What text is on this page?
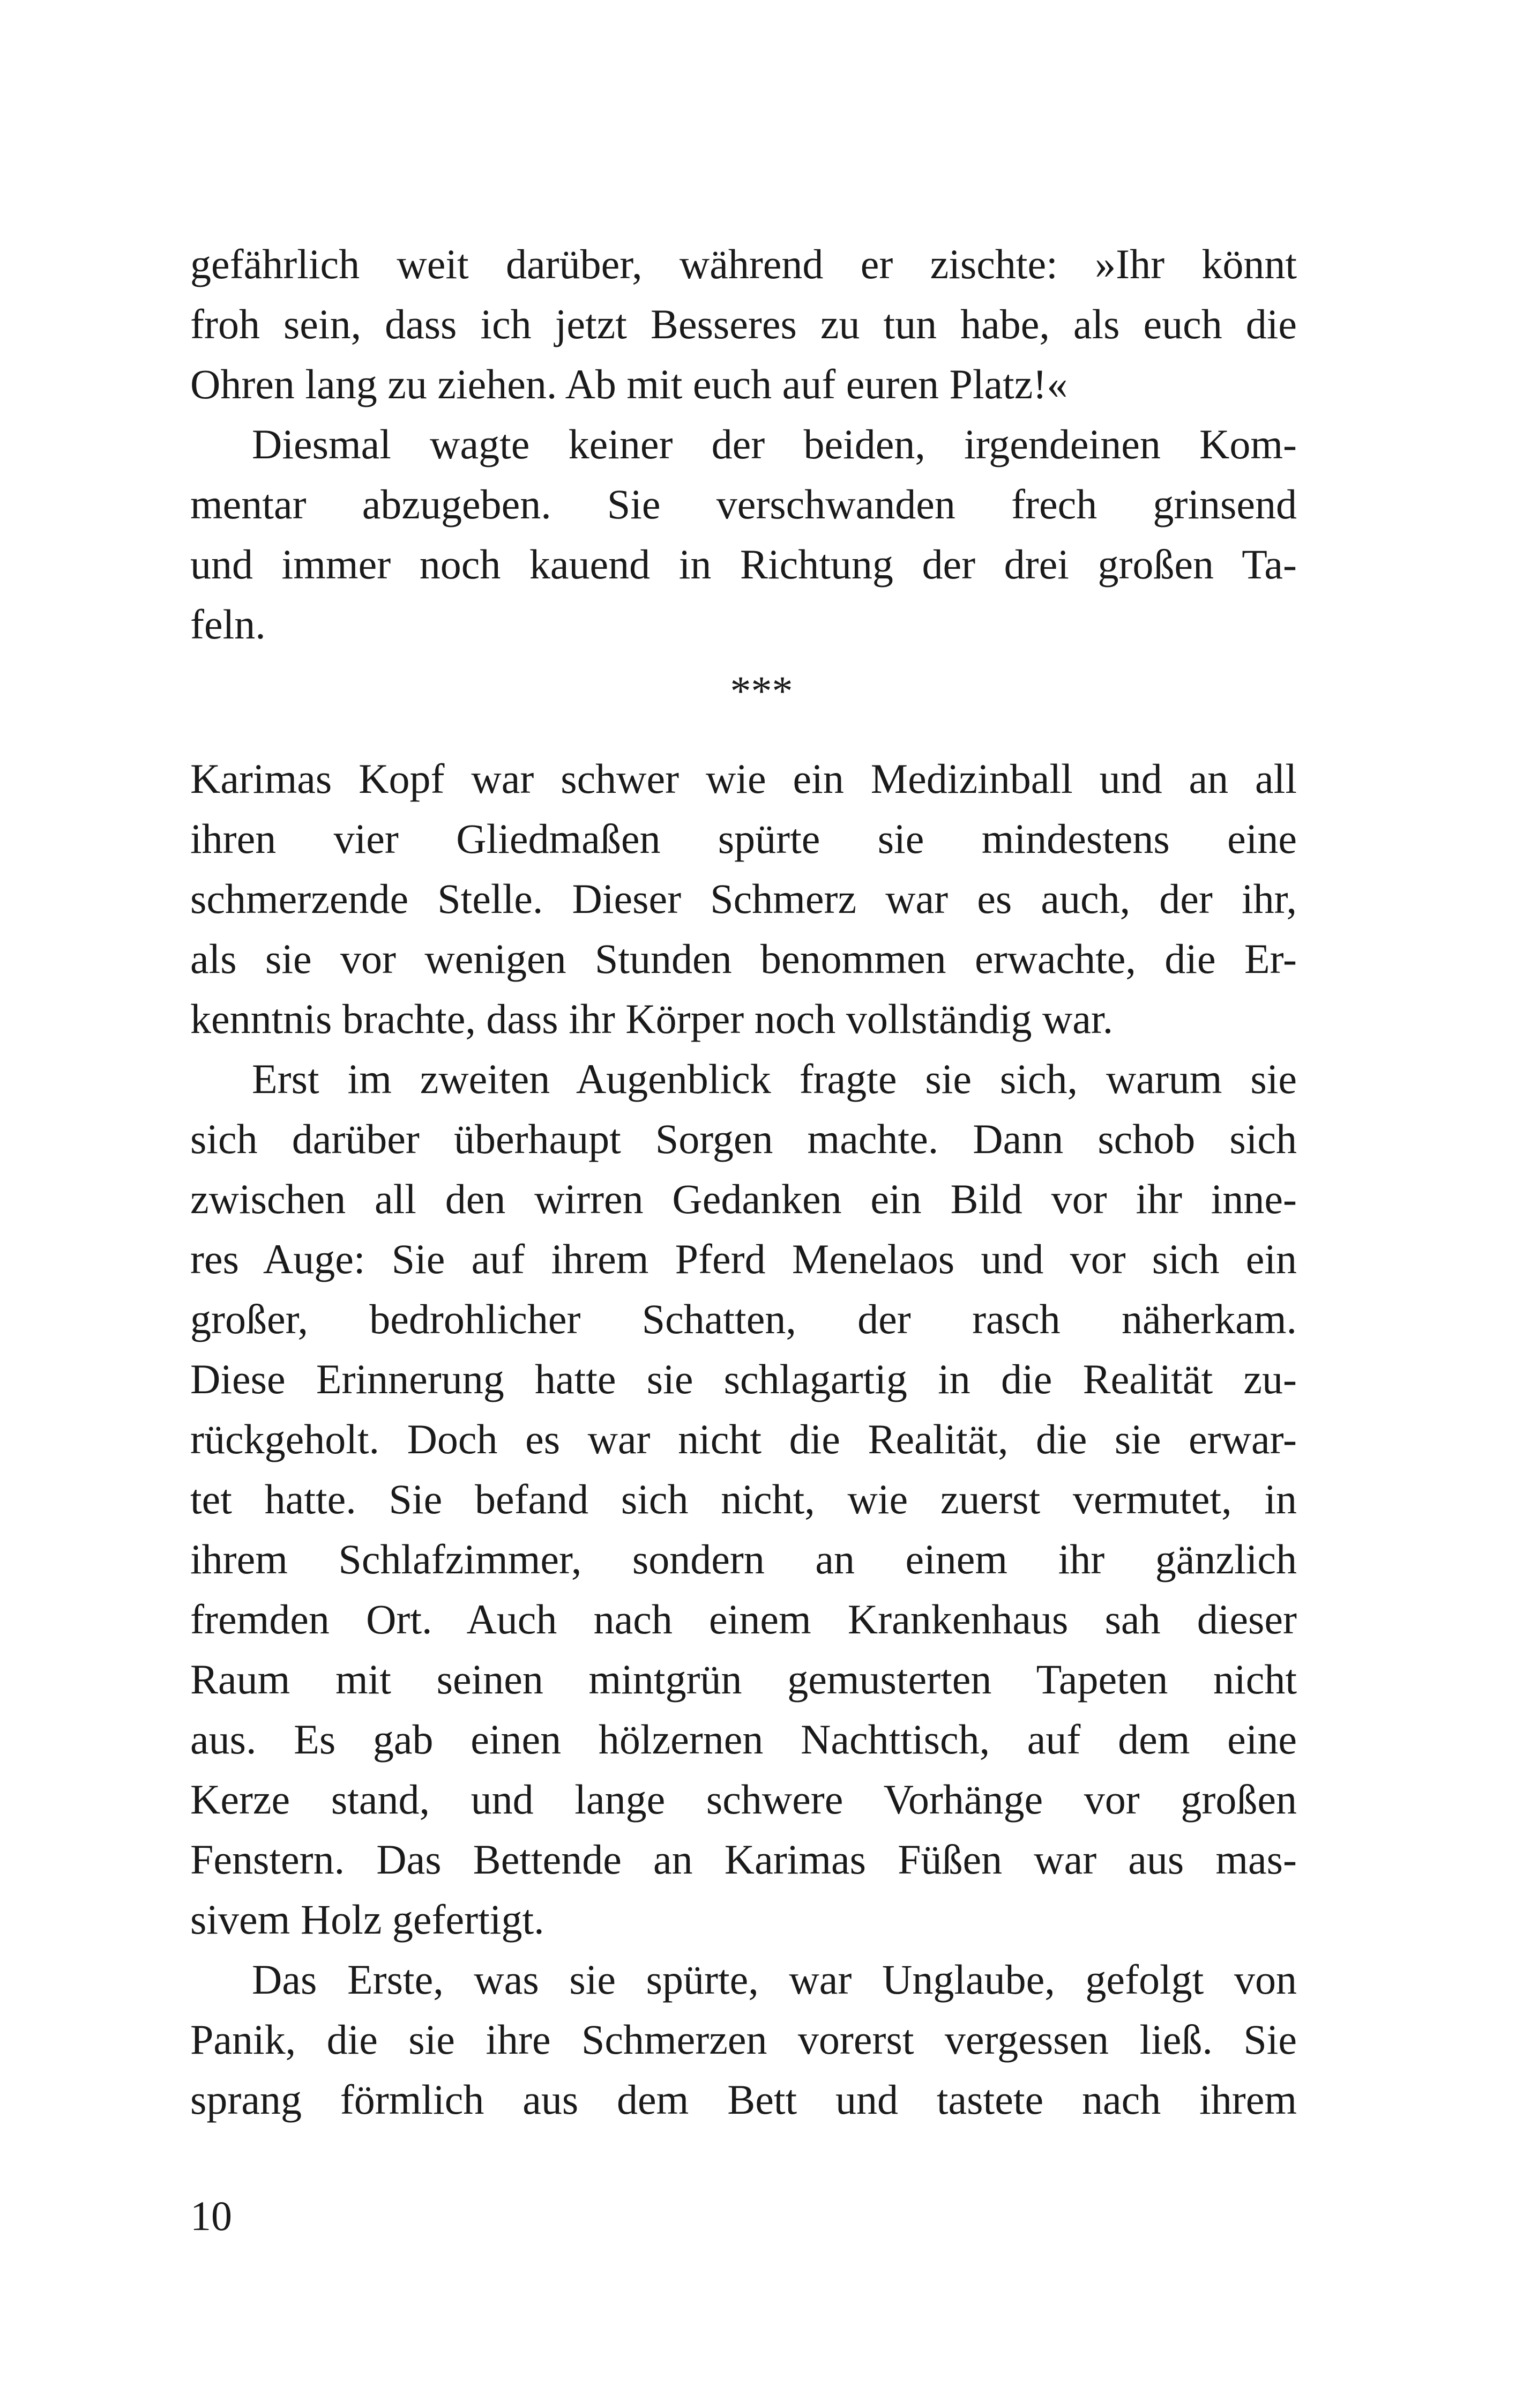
gefährlich weit darüber, während er zischte: »Ihr könnt
froh sein, dass ich jetzt Besseres zu tun habe, als euch die
Ohren lang zu ziehen. Ab mit euch auf euren Platz!«
Diesmal wagte keiner der beiden, irgendeinen Kom-
mentar abzugeben. Sie verschwanden frech grinsend
und immer noch kauend in Richtung der drei großen Ta-
feln.
***
Karimas Kopf war schwer wie ein Medizinball und an all
ihren vier Gliedmaßen spürte sie mindestens eine
schmerzende Stelle. Dieser Schmerz war es auch, der ihr,
als sie vor wenigen Stunden benommen erwachte, die Er-
kenntnis brachte, dass ihr Körper noch vollständig war.
Erst im zweiten Augenblick fragte sie sich, warum sie
sich darüber überhaupt Sorgen machte. Dann schob sich
zwischen all den wirren Gedanken ein Bild vor ihr inne-
res Auge: Sie auf ihrem Pferd Menelaos und vor sich ein
großer, bedrohlicher Schatten, der rasch näherkam.
Diese Erinnerung hatte sie schlagartig in die Realität zu-
rückgeholt. Doch es war nicht die Realität, die sie erwar-
tet hatte. Sie befand sich nicht, wie zuerst vermutet, in
ihrem Schlafzimmer, sondern an einem ihr gänzlich
fremden Ort. Auch nach einem Krankenhaus sah dieser
Raum mit seinen mintgrün gemusterten Tapeten nicht
aus. Es gab einen hölzernen Nachttisch, auf dem eine
Kerze stand, und lange schwere Vorhänge vor großen
Fenstern. Das Bettende an Karimas Füßen war aus mas-
sivem Holz gefertigt.
Das Erste, was sie spürte, war Unglaube, gefolgt von
Panik, die sie ihre Schmerzen vorerst vergessen ließ. Sie
sprang förmlich aus dem Bett und tastete nach ihrem
10
